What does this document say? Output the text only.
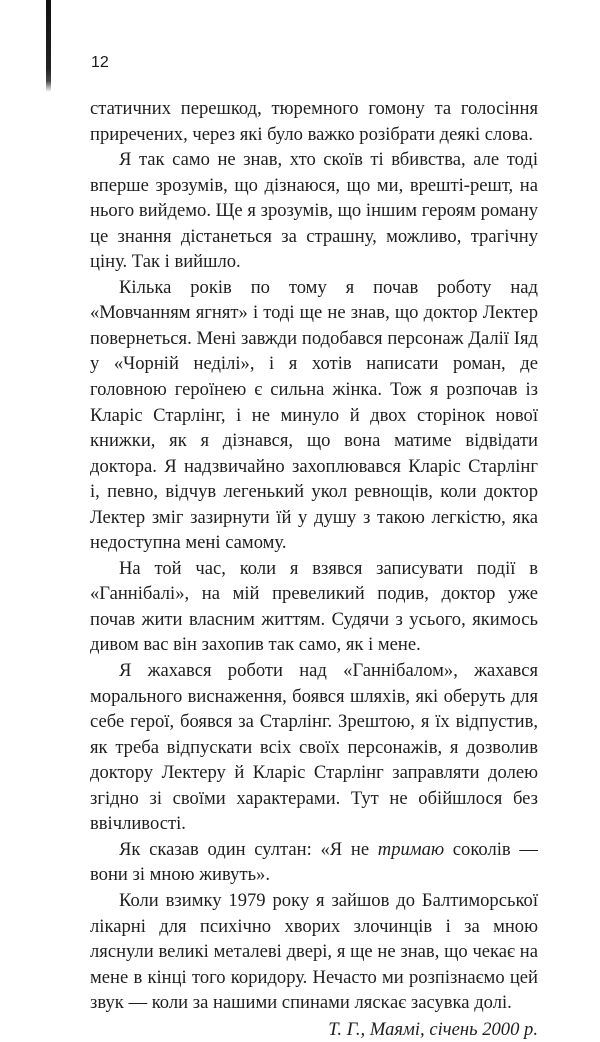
12

статичних перешкод, тюремного гомону та голосіння приречених, через які було важко розібрати деякі слова.

Я так само не знав, хто скоїв ті вбивства, але тоді вперше зрозумів, що дізнаюся, що ми, врешті-решт, на нього вийдемо. Ще я зрозумів, що іншим героям роману це знання дістанеться за страшну, можливо, трагічну ціну. Так і вийшло.

Кілька років по тому я почав роботу над «Мовчанням ягнят» і тоді ще не знав, що доктор Лектер повернеться. Мені завжди подобався персонаж Далії Іяд у «Чорній неділі», і я хотів написати роман, де головною героїнею є сильна жінка. Тож я розпочав із Кларіс Старлінг, і не минуло й двох сторінок нової книжки, як я дізнався, що вона матиме відвідати доктора. Я надзвичайно захоплювався Кларіс Старлінг і, певно, відчув легенький укол ревнощів, коли доктор Лектер зміг зазирнути їй у душу з такою легкістю, яка недоступна мені самому.

На той час, коли я взявся записувати події в «Ганнібалі», на мій превеликий подив, доктор уже почав жити власним життям. Судячи з усього, якимось дивом вас він захопив так само, як і мене.

Я жахався роботи над «Ганнібалом», жахався морального виснаження, боявся шляхів, які оберуть для себе герої, боявся за Старлінг. Зрештою, я їх відпустив, як треба відпускати всіх своїх персонажів, я дозволив доктору Лектеру й Кларіс Старлінг заправляти долею згідно зі своїми характерами. Тут не обійшлося без ввічливості.

Як сказав один султан: «Я не тримаю соколів — вони зі мною живуть».

Коли взимку 1979 року я зайшов до Балтиморської лікарні для психічно хворих злочинців і за мною ляснули великі металеві двері, я ще не знав, що чекає на мене в кінці того коридору. Нечасто ми розпізнаємо цей звук — коли за нашими спинами лясκає засувка долі.

Т. Г., Маямі, січень 2000 р.
